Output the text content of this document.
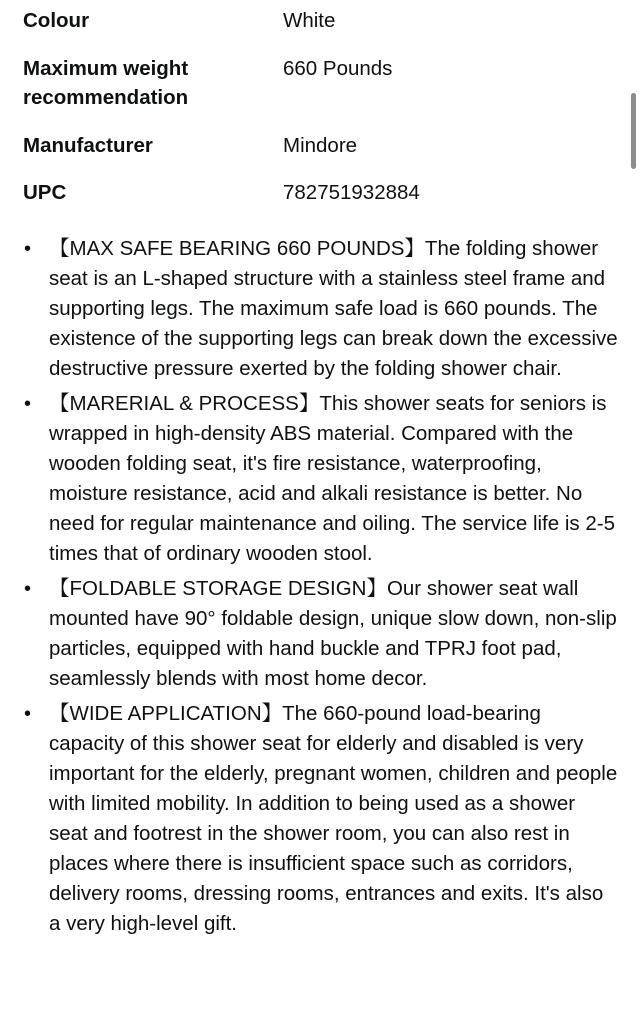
Colour	White
Maximum weight recommendation	660 Pounds
Manufacturer	Mindore
UPC	782751932884
• 【MAX SAFE BEARING 660 POUNDS】The folding shower seat is an L-shaped structure with a stainless steel frame and supporting legs. The maximum safe load is 660 pounds. The existence of the supporting legs can break down the excessive destructive pressure exerted by the folding shower chair.
• 【MARERIAL & PROCESS】This shower seats for seniors is wrapped in high-density ABS material. Compared with the wooden folding seat, it's fire resistance, waterproofing, moisture resistance, acid and alkali resistance is better. No need for regular maintenance and oiling. The service life is 2-5 times that of ordinary wooden stool.
• 【FOLDABLE STORAGE DESIGN】Our shower seat wall mounted have 90° foldable design, unique slow down, non-slip particles, equipped with hand buckle and TPRJ foot pad, seamlessly blends with most home decor.
• 【WIDE APPLICATION】The 660-pound load-bearing capacity of this shower seat for elderly and disabled is very important for the elderly, pregnant women, children and people with limited mobility. In addition to being used as a shower seat and footrest in the shower room, you can also rest in places where there is insufficient space such as corridors, delivery rooms, dressing rooms, entrances and exits. It's also a very high-level gift.
